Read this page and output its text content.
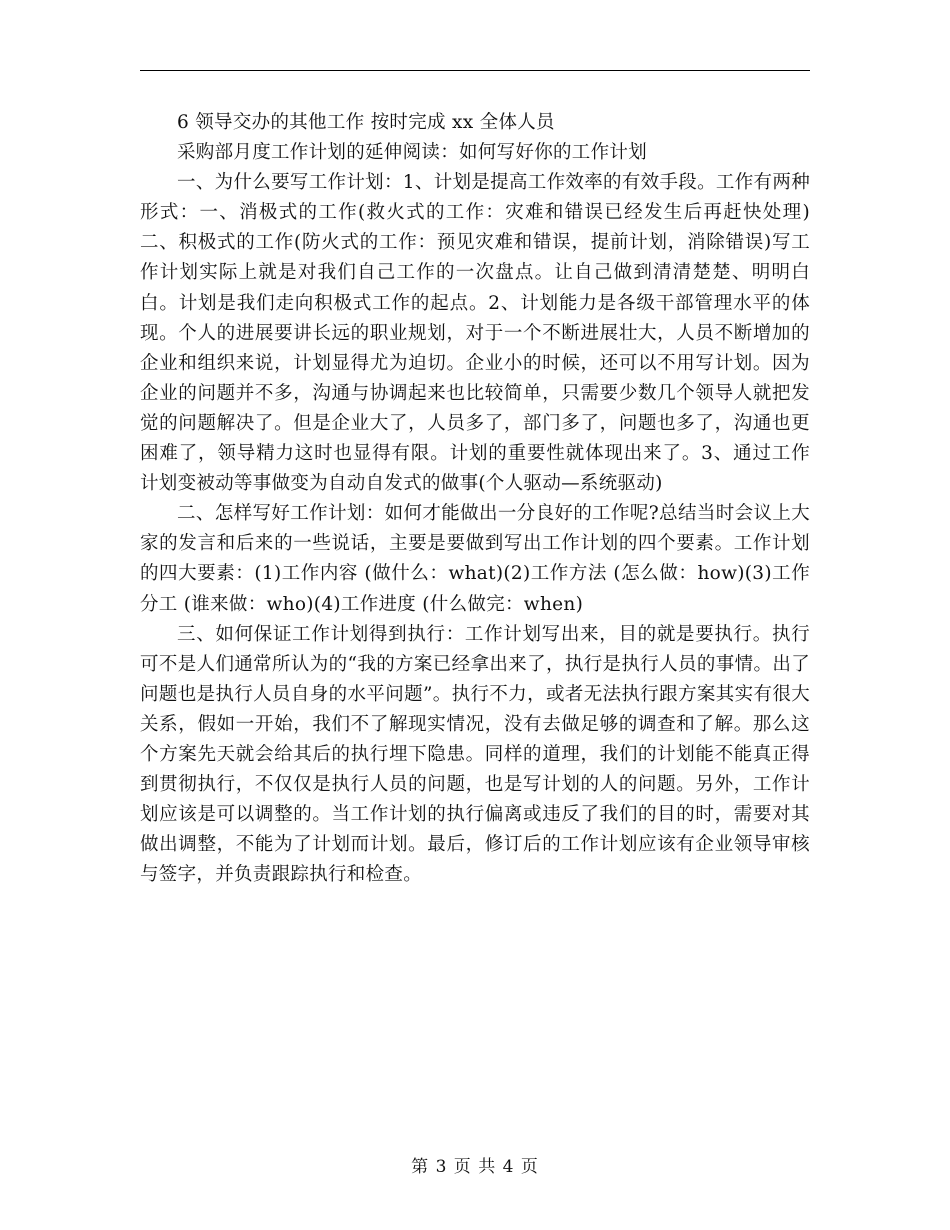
6 领导交办的其他工作 按时完成 xx 全体人员

采购部月度工作计划的延伸阅读：如何写好你的工作计划

一、为什么要写工作计划：1、计划是提高工作效率的有效手段。工作有两种形式：一、消极式的工作(救火式的工作：灾难和错误已经发生后再赶快处理)二、积极式的工作(防火式的工作：预见灾难和错误，提前计划，消除错误)写工作计划实际上就是对我们自己工作的一次盘点。让自己做到清清楚楚、明明白白。计划是我们走向积极式工作的起点。2、计划能力是各级干部管理水平的体现。个人的进展要讲长远的职业规划，对于一个不断进展壮大，人员不断增加的企业和组织来说，计划显得尤为迫切。企业小的时候，还可以不用写计划。因为企业的问题并不多，沟通与协调起来也比较简单，只需要少数几个领导人就把发觉的问题解决了。但是企业大了，人员多了，部门多了，问题也多了，沟通也更困难了，领导精力这时也显得有限。计划的重要性就体现出来了。3、通过工作计划变被动等事做变为自动自发式的做事(个人驱动—系统驱动)

二、怎样写好工作计划：如何才能做出一分良好的工作呢?总结当时会议上大家的发言和后来的一些说话，主要是要做到写出工作计划的四个要素。工作计划的四大要素：(1)工作内容 (做什么：what)(2)工作方法 (怎么做：how)(3)工作分工 (谁来做：who)(4)工作进度 (什么做完：when)

三、如何保证工作计划得到执行：工作计划写出来，目的就是要执行。执行可不是人们通常所认为的“我的方案已经拿出来了，执行是执行人员的事情。出了问题也是执行人员自身的水平问题”。执行不力，或者无法执行跟方案其实有很大关系，假如一开始，我们不了解现实情况，没有去做足够的调查和了解。那么这个方案先天就会给其后的执行埋下隐患。同样的道理，我们的计划能不能真正得到贯彻执行，不仅仅是执行人员的问题，也是写计划的人的问题。另外，工作计划应该是可以调整的。当工作计划的执行偏离或违反了我们的目的时，需要对其做出调整，不能为了计划而计划。最后，修订后的工作计划应该有企业领导审核与签字，并负责跟踪执行和检查。

第 3 页 共 4 页
